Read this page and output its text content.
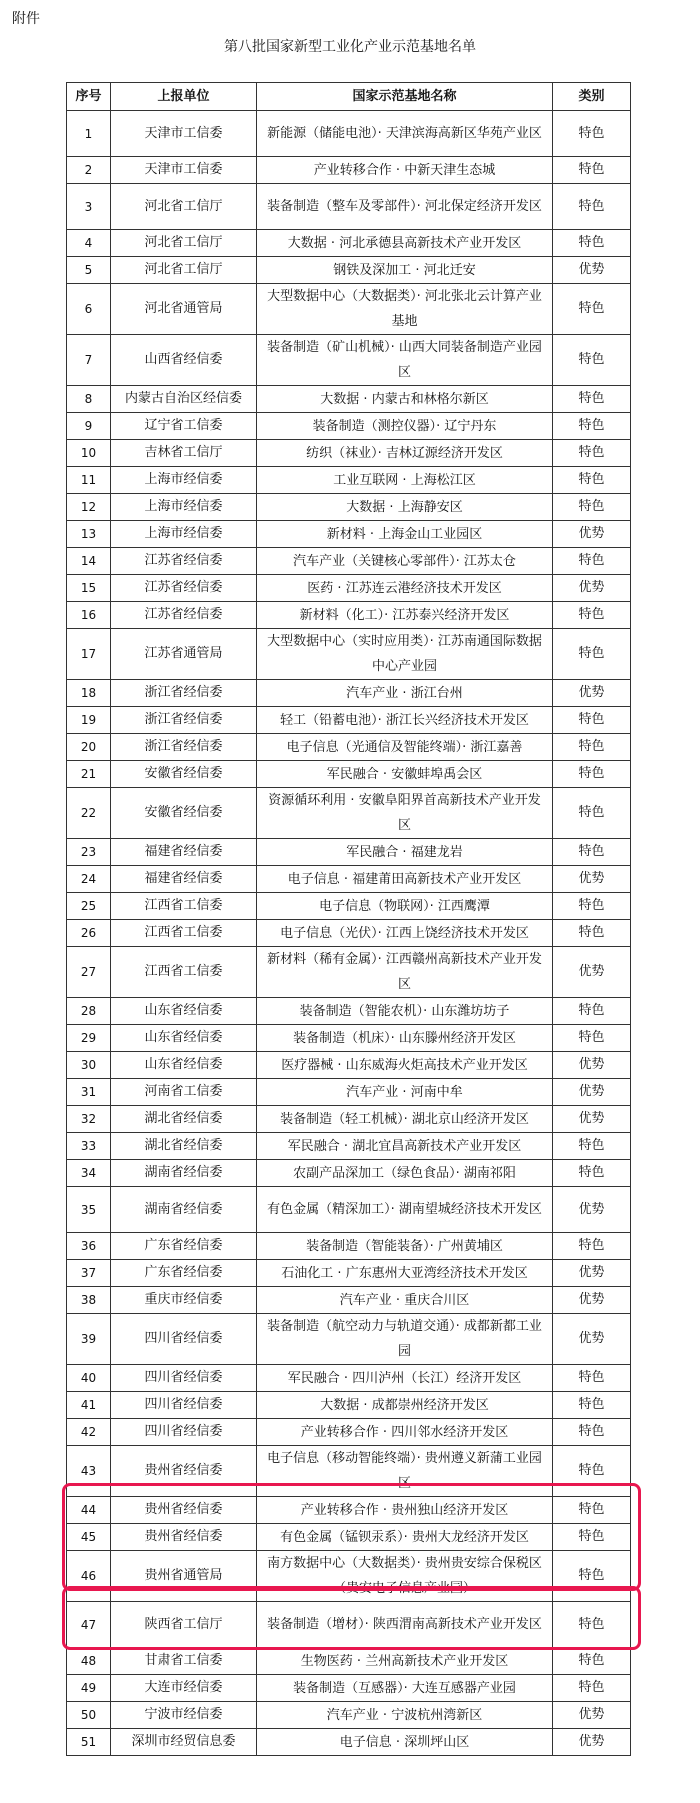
附件
第八批国家新型工业化产业示范基地名单
序号	上报单位	国家示范基地名称	类别
1	天津市工信委	新能源（储能电池）· 天津滨海高新区华苑产业区	特色
2	天津市工信委	产业转移合作 · 中新天津生态城	特色
3	河北省工信厅	装备制造（整车及零部件）· 河北保定经济开发区	特色
4	河北省工信厅	大数据 · 河北承德县高新技术产业开发区	特色
5	河北省工信厅	钢铁及深加工 · 河北迁安	优势
6	河北省通管局	大型数据中心（大数据类）· 河北张北云计算产业基地	特色
7	山西省经信委	装备制造（矿山机械）· 山西大同装备制造产业园区	特色
8	内蒙古自治区经信委	大数据 · 内蒙古和林格尔新区	特色
9	辽宁省工信委	装备制造（测控仪器）· 辽宁丹东	特色
10	吉林省工信厅	纺织（袜业）· 吉林辽源经济开发区	特色
11	上海市经信委	工业互联网 · 上海松江区	特色
12	上海市经信委	大数据 · 上海静安区	特色
13	上海市经信委	新材料 · 上海金山工业园区	优势
14	江苏省经信委	汽车产业（关键核心零部件）· 江苏太仓	特色
15	江苏省经信委	医药 · 江苏连云港经济技术开发区	优势
16	江苏省经信委	新材料（化工）· 江苏泰兴经济开发区	特色
17	江苏省通管局	大型数据中心（实时应用类）· 江苏南通国际数据中心产业园	特色
18	浙江省经信委	汽车产业 · 浙江台州	优势
19	浙江省经信委	轻工（铅蓄电池）· 浙江长兴经济技术开发区	特色
20	浙江省经信委	电子信息（光通信及智能终端）· 浙江嘉善	特色
21	安徽省经信委	军民融合 · 安徽蚌埠禹会区	特色
22	安徽省经信委	资源循环利用 · 安徽阜阳界首高新技术产业开发区	特色
23	福建省经信委	军民融合 · 福建龙岩	特色
24	福建省经信委	电子信息 · 福建莆田高新技术产业开发区	优势
25	江西省工信委	电子信息（物联网）· 江西鹰潭	特色
26	江西省工信委	电子信息（光伏）· 江西上饶经济技术开发区	特色
27	江西省工信委	新材料（稀有金属）· 江西赣州高新技术产业开发区	优势
28	山东省经信委	装备制造（智能农机）· 山东潍坊坊子	特色
29	山东省经信委	装备制造（机床）· 山东滕州经济开发区	特色
30	山东省经信委	医疗器械 · 山东威海火炬高技术产业开发区	优势
31	河南省工信委	汽车产业 · 河南中牟	优势
32	湖北省经信委	装备制造（轻工机械）· 湖北京山经济开发区	优势
33	湖北省经信委	军民融合 · 湖北宜昌高新技术产业开发区	特色
34	湖南省经信委	农副产品深加工（绿色食品）· 湖南祁阳	特色
35	湖南省经信委	有色金属（精深加工）· 湖南望城经济技术开发区	优势
36	广东省经信委	装备制造（智能装备）· 广州黄埔区	特色
37	广东省经信委	石油化工 · 广东惠州大亚湾经济技术开发区	优势
38	重庆市经信委	汽车产业 · 重庆合川区	优势
39	四川省经信委	装备制造（航空动力与轨道交通）· 成都新都工业园	优势
40	四川省经信委	军民融合 · 四川泸州（长江）经济开发区	特色
41	四川省经信委	大数据 · 成都崇州经济开发区	特色
42	四川省经信委	产业转移合作 · 四川邻水经济开发区	特色
43	贵州省经信委	电子信息（移动智能终端）· 贵州遵义新蒲工业园区	特色
44	贵州省经信委	产业转移合作 · 贵州独山经济开发区	特色
45	贵州省经信委	有色金属（锰钡汞系）· 贵州大龙经济开发区	特色
46	贵州省通管局	南方数据中心（大数据类）· 贵州贵安综合保税区（贵安电子信息产业园）	特色
47	陕西省工信厅	装备制造（增材）· 陕西渭南高新技术产业开发区	特色
48	甘肃省工信委	生物医药 · 兰州高新技术产业开发区	特色
49	大连市经信委	装备制造（互感器）· 大连互感器产业园	特色
50	宁波市经信委	汽车产业 · 宁波杭州湾新区	优势
51	深圳市经贸信息委	电子信息 · 深圳坪山区	优势
